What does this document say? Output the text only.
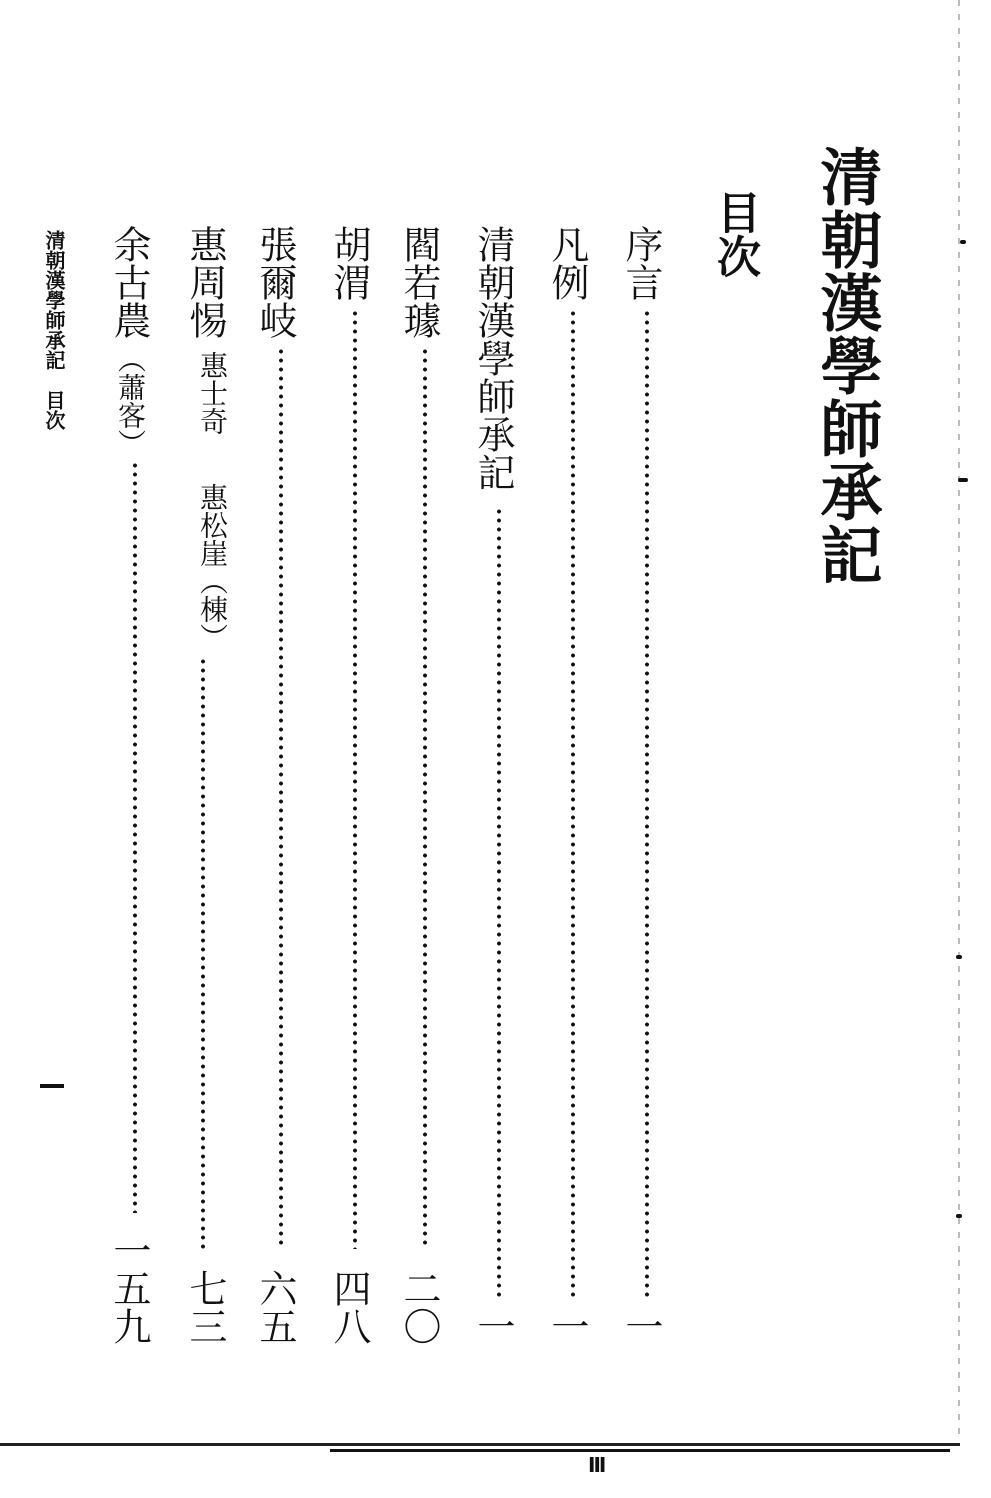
清朝漢學師承記
目次
序言
一
凡例
一
清朝漢學師承記
一
閻若璩
二〇
胡渭
四八
張爾岐
六五
惠周惕
惠士奇
惠松崖（棟）
七三
余古農
（蕭客）
一五九
清朝漢學師承記　目次
III
